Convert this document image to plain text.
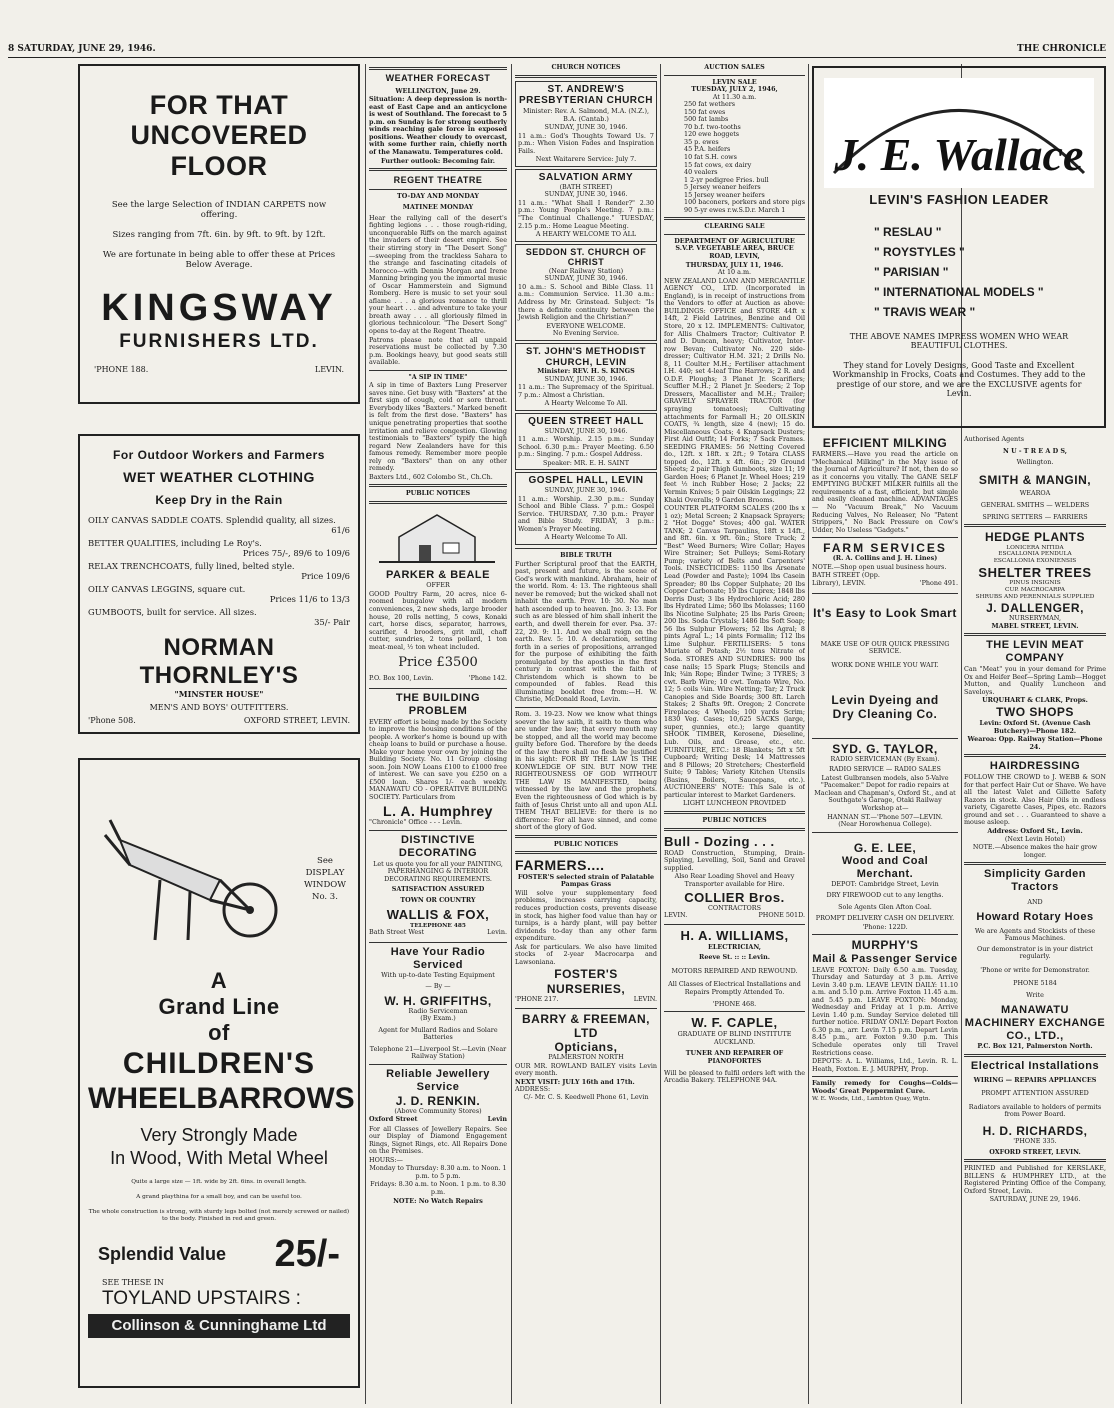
8 SATURDAY, JUNE 29, 1946.	THE CHRONICLE
FOR THAT UNCOVERED
FLOOR

See the large Selection of INDIAN CARPETS now offering.

Sizes ranging from 7ft. 6in. by 9ft. to 9ft. by 12ft.

We are fortunate in being able to offer these at Prices Below Average.

KINGSWAY
FURNISHERS LTD.
'PHONE 188.	LEVIN.
For Outdoor Workers and Farmers
WET WEATHER CLOTHING
Keep Dry in the Rain
OILY CANVAS SADDLE COATS. Splendid quality, all sizes.
61/6
BETTER QUALITIES, including Le Roy's.
Prices 75/-, 89/6 to 109/6
RELAX TRENCHCOATS, fully lined, belted style.
Price 109/6
OILY CANVAS LEGGINS, square cut.
Prices 11/6 to 13/3
GUMBOOTS, built for service. All sizes.
35/- Pair
NORMAN THORNLEY'S
"MINSTER HOUSE"
MEN'S AND BOYS' OUTFITTERS.
'Phone 508.	OXFORD STREET, LEVIN.
See
DISPLAY
WINDOW
No. 3.
A
Grand Line
of
CHILDREN'S
WHEELBARROWS
Very Strongly Made
In Wood, With Metal Wheel

Quite a large size — 1ft. wide by 2ft. 6ins. in overall length.

A grand playthina for a small boy, and can be useful too.

The whole construction is strong, with sturdy legs bolted (not merely screwed or nailed) to the body. Finished in red and green.

Splendid Value 25/-
SEE THESE IN
TOYLAND UPSTAIRS :
Collinson & Cunninghame Ltd
WEATHER FORECAST
WELLINGTON, June 29.

Situation: A deep depression is north-east of East Cape and an anticyclone is west of Southland. The forecast to 5 p.m. on Sunday is for strong southerly winds reaching gale force in exposed positions. Weather cloudy to overcast, with some further rain, chiefly north of the Manawatu. Temperatures cold.

Further outlook: Becoming fair.

REGENT THEATRE
TO-DAY AND MONDAY
MATINEE MONDAY

Hear the rallying call of the desert's fighting legions . . . those rough-riding, unconquerable Riffs on the march against the invaders of their desert empire. See their stirring story in "The Desert Song" —sweeping from the trackless Sahara to the strange and fascinating citadels of Morocco—with Dennis Morgan and Irene Manning bringing you the immortal music of Oscar Hammerstein and Sigmund Romberg. Here is music to set your soul aflame . . . a glorious romance to thrill your heart . . . and adventure to take your breath away . . . all gloriously filmed in glorious technicolour. "The Desert Song" opens to-day at the Regent Theatre.

Patrons please note that all unpaid reservations must be collected by 7.30 p.m. Bookings heavy, but good seats still available.

"A SIP IN TIME"

A sip in time of Baxters Lung Preserver saves nine. Get busy with "Baxters" at the first sign of cough, cold or sore throat. Everybody likes "Baxters." Marked benefit is felt from the first dose. "Baxters" has unique penetrating properties that soothe irritation and relieve congestion. Glowing testimonials to "Baxters" typify the high regard New Zealanders have for this famous remedy. Remember more people rely on "Baxters" than on any other remedy.

Baxters Ltd., 602 Colombo St., Ch.Ch.

PUBLIC NOTICES
PARKER & BEALE
OFFER

GOOD Poultry Farm, 20 acres, nice 6-roomed bungalow with all modern conveniences, 2 new sheds, large brooder house, 20 rolls netting, 5 cows, Konaki cart, horse discs, separator, harrows, scarifier, 4 brooders, grit mill, chaff cutter, sundries, 2 tons pollard, 1 ton meat-meal, ½ ton wheat included.

Price £3500
P.O. Box 100, Levin.	'Phone 142.
THE BUILDING PROBLEM

EVERY effort is being made by the Society to improve the housing conditions of the people. A worker's home is bound up with cheap loans to build or purchase a house. Make your home your own by joining the Building Society. No. 11 Group closing soon. Join NOW Loans £100 to £1000 free of interest. We can save you £250 on a £500 loan. Shares 1/- each weekly. MANAWATU CO - OPERATIVE BUILDING SOCIETY. Particulars from

L. A. Humphrey
"Chronicle" Office - - - Levin.
DISTINCTIVE DECORATING

Let us quote you for all your PAINTING, PAPERHANGING & INTERIOR DECORATING REQUIREMENTS.

SATISFACTION ASSURED
TOWN OR COUNTRY
WALLIS & FOX,
TELEPHONE 485
Bath Street West	Levin.
Have Your Radio Serviced
With up-to-date Testing Equipment
— By —
W. H. GRIFFITHS,
Radio Serviceman
(By Exam.)

Agent for Mullard Radios and Solare Batteries

Telephone 21—Liverpool St.—Levin (Near Railway Station)

Reliable Jewellery Service
J. D. RENKIN.
(Above Community Stores)
Oxford Street	Levin

For all Classes of Jewellery Repairs. See our Display of Diamond Engagement Rings, Signet Rings, etc. All Repairs Done on the Premises.

HOURS:—

Monday to Thursday: 8.30 a.m. to Noon. 1 p.m. to 5 p.m.

Fridays: 8.30 a.m. to Noon. 1 p.m. to 8.30 p.m.

NOTE: No Watch Repairs
CHURCH NOTICES
ST. ANDREW'S PRESBYTERIAN CHURCH

Minister: Rev. A. Salmond, M.A. (N.Z.), B.A. (Cantab.)

SUNDAY, JUNE 30, 1946.

11 a.m.: God's Thoughts Toward Us. 7 p.m.: When Vision Fades and Inspiration Fails.

Next Waitarere Service: July 7.
SALVATION ARMY
(BATH STREET)
SUNDAY, JUNE 30, 1946.

11 a.m.: "What Shall I Render?" 2.30 p.m.: Young People's Meeting. 7 p.m.: "The Continual Challenge." TUESDAY, 2.15 p.m.: Home League Meeting.

A HEARTY WELCOME TO ALL
SEDDON ST. CHURCH OF CHRIST
(Near Railway Station)
SUNDAY, JUNE 30, 1946.

10 a.m.: S. School and Bible Class. 11 a.m.: Communion Service. 11.30 a.m.: Address by Mr. Grinstead. Subject: "Is there a definite continuity between the Jewish Religion and the Christian?"

EVERYONE WELCOME.
No Evening Service.
ST. JOHN'S METHODIST CHURCH, LEVIN
Minister: REV. H. S. KINGS
SUNDAY, JUNE 30, 1946.

11 a.m.: The Supremacy of the Spiritual. 7 p.m.: Almost a Christian.

A Hearty Welcome To All.
QUEEN STREET HALL
SUNDAY, JUNE 30, 1946.

11 a.m.: Worship. 2.15 p.m.: Sunday School. 6.30 p.m.: Prayer Meeting. 6.50 p.m.: Singing. 7 p.m.: Gospel Address.

Speaker: MR. E. H. SAINT
GOSPEL HALL, LEVIN
SUNDAY, JUNE 30, 1946.

11 a.m.: Worship. 2.30 p.m.: Sunday School and Bible Class. 7 p.m.: Gospel Service. THURSDAY, 7.30 p.m.: Prayer and Bible Study. FRIDAY, 3 p.m.: Women's Prayer Meeting.

A Hearty Welcome To All.
BIBLE TRUTH

Further Scriptural proof that the EARTH, past, present and future, is the scene of God's work with mankind. Abraham, heir of the world. Rom. 4: 13. The righteous shall never be removed; but the wicked shall not inhabit the earth. Prov. 10: 30. No man hath ascended up to heaven. Jno. 3: 13. For such as are blessed of him shall inherit the earth, and dwell therein for ever. Psa. 37: 22, 29. 9: 11. And we shall reign on the earth. Rev. 5: 10. A declaration, setting forth in a series of propositions, arranged for the purpose of exhibiting the faith promulgated by the apostles in the first century in contrast with the faith of Christendom which is shown to be compounded of fables. Read this illuminating booklet free from:—H. W. Christie, McDonald Road, Levin.

Rom. 3. 19-23. Now we know what things soever the law saith, it saith to them who are under the law; that every mouth may be stopped, and all the world may become guilty before God. Therefore by the deeds of the law there shall no flesh be justified in his sight: FOR BY THE LAW IS THE KONWLEDGE OF SIN. BUT NOW THE RIGHTEOUSNESS OF GOD WITHOUT THE LAW IS MANIFESTED, being witnessed by the law and the prophets. Even the righteousness of God which is by faith of Jesus Christ unto all and upon ALL THEM THAT BELIEVE: for there is no difference: For all have sinned, and come short of the glory of God.

PUBLIC NOTICES
FARMERS....
FOSTER'S selected strain of Palatable Pampas Grass

Will solve your supplementary feed problems, increases carrying capacity, reduces production costs, prevents disease in stock, has higher food value than hay or turnips, is a hardy plant, will pay better dividends to-day than any other farm expenditure.

Ask for particulars. We also have limited stocks of 2-year Macrocarpa and Lawsoniana.

FOSTER'S NURSERIES,
'PHONE 217.	LEVIN.
BARRY & FREEMAN, LTD
Opticians,
PALMERSTON NORTH

OUR MR. ROWLAND BAILEY visits Levin every month.

NEXT VISIT: JULY 16th and 17th.
ADDRESS:
C/- Mr. C. S. Keedwell Phone 61, Levin
AUCTION SALES
LEVIN SALE
TUESDAY, JULY 2, 1946,
At 11.30 a.m.
250 fat wethers
150 fat ewes
500 fat lambs
70 b.f. two-tooths
120 ewe hoggets
35 p. ewes
45 P.A. heifers
10 fat S.H. cows
15 fat cows, ex dairy
40 vealers
1 2-yr pedigree Fries. bull
5 Jersey weaner heifers
15 Jersey weaner heifers
100 baconers, porkers and store pigs
90 5-yr ewes r.w.S.D.r. March 1
CLEARING SALE

DEPARTMENT OF AGRICULTURE S.V.P. VEGETABLE AREA, BRUCE ROAD, LEVIN,

THURSDAY, JULY 11, 1946.
At 10 a.m.

NEW ZEALAND LOAN AND MERCANTILE AGENCY CO., LTD. (Incorporated in England), is in receipt of instructions from the Vendors to offer at Auction as above: BUILDINGS: OFFICE and STORE 44ft x 14ft, 2 Field Latrines, Benzine and Oil Store, 20 x 12. IMPLEMENTS: Cultivator, for Allis Chalmers Tractor; Cultivator P. and D. Duncan, heavy; Cultivator, Inter-row Bevan; Cultivator No. 220 side-dresser; Cultivator H.M. 321; 2 Drills No. 8, 11 Coulter M.H.; Fertiliser attachment I.H. 440; set 4-leaf Tine Harrows; 2 R. and O.D.F. Ploughs; 3 Planet Jr. Scarifiers; Scuffler M.H.; 2 Planet Jr. Seeders; 2 Top Dressers, Macallister and M.H.; Trailer; GRAVELY SPRAYER TRACTOR (for spraying tomatoes); Cultivating attachments for Farmall H.; 20 OILSKIN COATS, ¾ length, size 4 (new); 15 do. Miscellaneous Coats; 4 Knapsack Dusters; First Aid Outfit; 14 Forks; 7 Sack Frames. SEEDING FRAMES: 56 Netting Covered do., 12ft. x 18ft. x 2ft.; 9 Totara CLASS topped do., 12ft. x 4ft. 6in.; 29 Ground Sheets; 2 pair Thigh Gumboots, size 11; 19 Garden Hoes; 6 Planet Jr. Wheel Hoes; 219 feet ½ inch Rubber Hose; 2 Jacks; 22 Vermin Knives; 5 pair Oilskin Leggings; 22 Khaki Overalls; 9 Garden Brooms.

COUNTER PLATFORM SCALES (200 lbs x 1 oz); Metal Screen; 2 Knapsack Sprayers; 2 "Hot Dogge" Stoves; 400 gal. WATER TANK; 2 Canvas Tarpaulins, 18ft x 14ft., and 8ft. 6in. x 9ft. 6in.; Store Truck; 2 "Best" Weed Burners; Wire Collar; Hayes Wire Strainer; Set Pulleys; Semi-Rotary Pump; variety of Belts and Carpenters' Tools. INSECTICIDES: 1150 lbs Arsenate Lead (Powder and Paste); 1094 lbs Casein Spreader; 80 lbs Copper Sulphate; 20 lbs Copper Carbonate; 19 lbs Cuprex; 1848 lbs Derris Dust; 3 lbs Hydrochloric Acid; 280 lbs Hydrated Lime; 560 lbs Molasses; 1160 lbs Nicotine Sulphate; 25 lbs Paris Green; 200 lbs. Soda Crystals; 1486 lbs Soft Soap; 56 lbs Sulphur Flowers; 52 lbs Agral; 8 pints Agral L.; 14 pints Formalin; 112 lbs Lime Sulphur. FERTILISERS: 5 tons Muriate of Potash; 2½ tons Nitrate of Soda. STORES AND SUNDRIES: 900 lbs case nails; 15 Spark Plugs; Stencils and Ink; ¾in Rope; Binder Twine; 3 TYRES; 3 cwt. Barb Wire; 10 cwt. Tomato Wire, No. 12; 5 coils ¼in. Wire Netting; Tar; 2 Truck Canopies and Side Boards; 300 8ft. Larch Stakes; 2 Shafts 9ft. Oregon; 2 Concrete Fireplaces; 4 Wheels; 100 yards Scrim; 1830 Veg. Cases; 10,625 SACKS (large, super, gunnies, etc.); large quantity SHOOK TIMBER, Kerosene, Dieseline, Lub. Oils, and Grease, etc., etc. FURNITURE, ETC.: 18 Blankets; 5ft x 5ft Cupboard; Writing Desk; 14 Mattresses and 8 Pillows; 20 Stretchers; Chesterfield Suite; 9 Tables; Variety Kitchen Utensils (Basins, Boilers, Saucepans, etc.). AUCTIONEERS' NOTE: This Sale is of particular interest to Market Gardeners.

LIGHT LUNCHEON PROVIDED
PUBLIC NOTICES
Bull - Dozing . . .

ROAD Construction, Stumping, Drain-Splaying, Levelling, Soil, Sand and Gravel supplied.

Also Rear Loading Shovel and Heavy Transporter available for Hire.

COLLIER Bros.
CONTRACTORS
LEVIN.	PHONE 501D.
H. A. WILLIAMS,
ELECTRICIAN,
Reeve St. :: :: Levin.

MOTORS REPAIRED AND REWOUND.

All Classes of Electrical Installations and Repairs Promptly Attended To.

'PHONE 468.
W. F. CAPLE,

GRADUATE OF BLIND INSTITUTE AUCKLAND.

TUNER AND REPAIRER OF PIANOFORTES

Will be pleased to fulfil orders left with the Arcadia Bakery. TELEPHONE 94A.

J. E. Wallace
LEVIN'S FASHION LEADER
" RESLAU "
" ROYSTYLES "
" PARISIAN "
" INTERNATIONAL MODELS "
" TRAVIS WEAR "

THE ABOVE NAMES IMPRESS WOMEN WHO WEAR BEAUTIFUL CLOTHES.

They stand for Lovely Designs, Good Taste and Excellent Workmanship in Frocks, Coats and Costumes. They add to the prestige of our store, and we are the EXCLUSIVE agents for Levin.

EFFICIENT MILKING

FARMERS.—Have you read the article on "Mechanical Milking" in the May issue of the Journal of Agriculture? If not, then do so as it concerns you vitally. The GANE SELF EMPTYING BUCKET MILKER fulfills all the requirements of a fast, efficient, but simple and easily cleaned machine. ADVANTAGES — No "Vacuum Break," No Vacuum Reducing Valves, No Releaser, No "Patent Strippers," No Back Pressure on Cow's Udder, No Useless "Gadgets."

FARM SERVICES
(R. A. Collins and J. H. Lines)

NOTE.—Shop open usual business hours.

BATH STREET (Opp. Library), LEVIN.	'Phone 491.
It's Easy to Look Smart

MAKE USE OF OUR QUICK PRESSING SERVICE.

WORK DONE WHILE YOU WAIT.
Levin Dyeing and Dry Cleaning Co.
SYD. G. TAYLOR,
RADIO SERVICEMAN (By Exam).
RADIO SERVICE — RADIO SALES

Latest Gulbransen models, also 5-Valve "Pacemaker." Depot for radio repairs at Maclean and Chapman's, Oxford St., and at Southgate's Garage, Otaki Railway Workshop at—

HANNAN ST.—'Phone 507—LEVIN.
(Near Horowhenua College).
G. E. LEE,
Wood and Coal Merchant.
DEPOT: Cambridge Street, Levin

DRY FIREWOOD cut to any lengths.

Sole Agents Glen Afton Coal.

PROMPT DELIVERY CASH ON DELIVERY.

'Phone: 122D.
MURPHY'S
Mail & Passenger Service

LEAVE FOXTON: Daily 6.50 a.m. Tuesday, Thursday and Saturday at 3 p.m. Arrive Levin 3.40 p.m. LEAVE LEVIN DAILY: 11.10 a.m. and 5.10 p.m. Arrive Foxton 11.45 a.m. and 5.45 p.m. LEAVE FOXTON: Monday, Wednesday and Friday at 1 p.m. Arrive Levin 1.40 p.m. Sunday Service deleted till further notice. FRIDAY ONLY: Depart Foxton 6.30 p.m., arr. Levin 7.15 p.m. Depart Levin 8.45 p.m., arr. Foxton 9.30 p.m. This Schedule operates only till Travel Restrictions cease.

DEPOTS: A. L. Williams, Ltd., Levin. R. L. Heath, Foxton. E. J. MURPHY, Prop.

Family remedy for Coughs—Colds—Woods' Great Peppermint Cure.

W. E. Woods, Ltd., Lambton Quay, Wgtn.
Authorised Agents
N U - T R E A D S,
Wellington.
SMITH & MANGIN,
WEAROA
GENERAL SMITHS — WELDERS
SPRING SETTERS — FARRIERS
HEDGE PLANTS
LONICERA NITIDA
ESCALLONIA PENDULA
ESCALLONIA EXONIENSIS
SHELTER TREES
PINUS INSIGNIS
CUP. MACROCARPA
SHRUBS AND PERENNIALS SUPPLIED
J. DALLENGER,
NURSERYMAN,
MABEL STREET, LEVIN.
THE LEVIN MEAT COMPANY

Can "Meat" you in your demand for Prime Ox and Heifer Beef—Spring Lamb—Hogget Mutton, and Quality Luncheon and Saveloys.

URQUHART & CLARK, Props.
TWO SHOPS

Levin: Oxford St. (Avenue Cash Butchery)—Phone 182.

Wearoa: Opp. Railway Station—Phone 24.

HAIRDRESSING

FOLLOW THE CROWD to J. WEBB & SON for that perfect Hair Cut or Shave. We have all the latest Valet and Gillette Safety Razors in stock. Also Hair Oils in endless variety, Cigarette Cases, Pipes, etc. Razors ground and set . . . Guaranteed to shave a mouse asleep.

Address: Oxford St., Levin.
(Next Levin Hotel)

NOTE.—Absence makes the hair grow longer.

Simplicity Garden Tractors
AND
Howard Rotary Hoes

We are Agents and Stockists of these Famous Machines.

Our demonstrator is in your district regularly.

'Phone or write for Demonstrator.
PHONE 5184
Write
MANAWATU MACHINERY EXCHANGE CO., LTD.,
P.C. Box 121, Palmerston North.
Electrical Installations

WIRING — REPAIRS APPLIANCES

PROMPT ATTENTION ASSURED

Radiators available to holders of permits from Power Board.

H. D. RICHARDS,
'PHONE 335.
OXFORD STREET, LEVIN.

PRINTED and Published for KERSLAKE, BILLENS & HUMPHREY LTD., at the Registered Printing Office of the Company, Oxford Street, Levin.

SATURDAY, JUNE 29, 1946.
